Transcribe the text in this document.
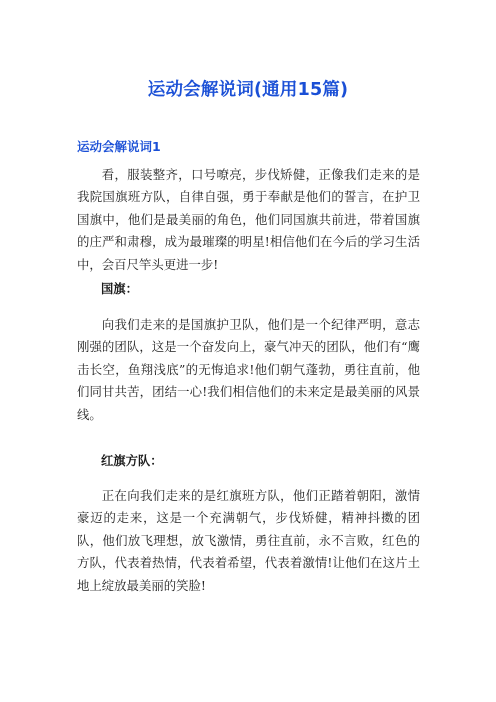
运动会解说词(通用15篇)
运动会解说词1

看，服装整齐，口号嘹亮，步伐矫健，正像我们走来的是我院国旗班方队，自律自强，勇于奉献是他们的誓言，在护卫国旗中，他们是最美丽的角色，他们同国旗共前进，带着国旗的庄严和肃穆，成为最璀璨的明星!相信他们在今后的学习生活中，会百尺竿头更进一步!

国旗：

向我们走来的是国旗护卫队，他们是一个纪律严明，意志刚强的团队，这是一个奋发向上，豪气冲天的团队，他们有“鹰击长空，鱼翔浅底”的无悔追求!他们朝气蓬勃，勇往直前，他们同甘共苦，团结一心!我们相信他们的未来定是最美丽的风景线。

红旗方队：

正在向我们走来的是红旗班方队，他们正踏着朝阳，激情豪迈的走来，这是一个充满朝气，步伐矫健，精神抖擞的团队，他们放飞理想，放飞激情，勇往直前，永不言败，红色的方队，代表着热情，代表着希望，代表着激情!让他们在这片土地上绽放最美丽的笑脸!
